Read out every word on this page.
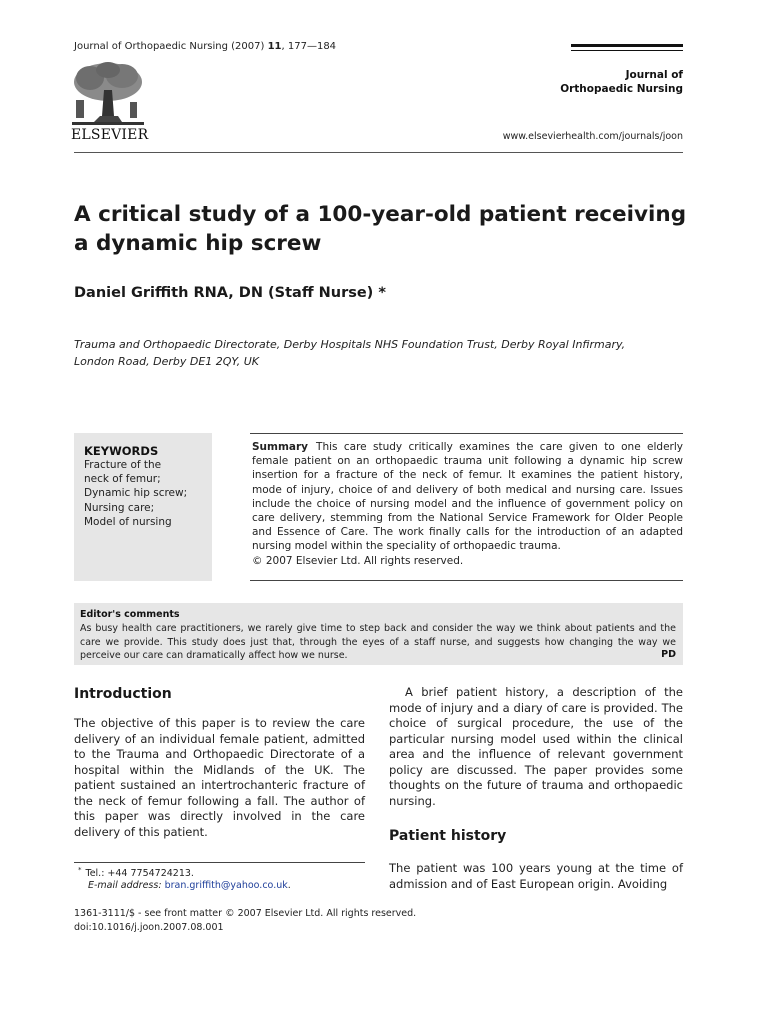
Journal of Orthopaedic Nursing (2007) 11, 177—184
ELSEVIER
Journal of
Orthopaedic Nursing
www.elsevierhealth.com/journals/joon
A critical study of a 100-year-old patient receiving
a dynamic hip screw
Daniel Griffith RNA, DN (Staff Nurse) *
Trauma and Orthopaedic Directorate, Derby Hospitals NHS Foundation Trust, Derby Royal Infirmary,
London Road, Derby DE1 2QY, UK
KEYWORDS
Fracture of the
neck of femur;
Dynamic hip screw;
Nursing care;
Model of nursing
Summary This care study critically examines the care given to one elderly female patient on an orthopaedic trauma unit following a dynamic hip screw insertion for a fracture of the neck of femur. It examines the patient history, mode of injury, choice of and delivery of both medical and nursing care. Issues include the choice of nursing model and the influence of government policy on care delivery, stemming from the National Service Framework for Older People and Essence of Care. The work finally calls for the introduction of an adapted nursing model within the speciality of orthopaedic trauma.
© 2007 Elsevier Ltd. All rights reserved.
Editor's comments
As busy health care practitioners, we rarely give time to step back and consider the way we think about patients and the care we provide. This study does just that, through the eyes of a staff nurse, and suggests how changing the way we perceive our care can dramatically affect how we nurse.	PD
Introduction
The objective of this paper is to review the care delivery of an individual female patient, admitted to the Trauma and Orthopaedic Directorate of a hospital within the Midlands of the UK. The patient sustained an intertrochanteric fracture of the neck of femur following a fall. The author of this paper was directly involved in the care delivery of this patient.
A brief patient history, a description of the mode of injury and a diary of care is provided. The choice of surgical procedure, the use of the particular nursing model used within the clinical area and the influence of relevant government policy are discussed. The paper provides some thoughts on the future of trauma and orthopaedic nursing.
Patient history
The patient was 100 years young at the time of admission and of East European origin. Avoiding
* Tel.: +44 7754724213.
E-mail address: bran.griffith@yahoo.co.uk.
1361-3111/$ - see front matter © 2007 Elsevier Ltd. All rights reserved.
doi:10.1016/j.joon.2007.08.001
